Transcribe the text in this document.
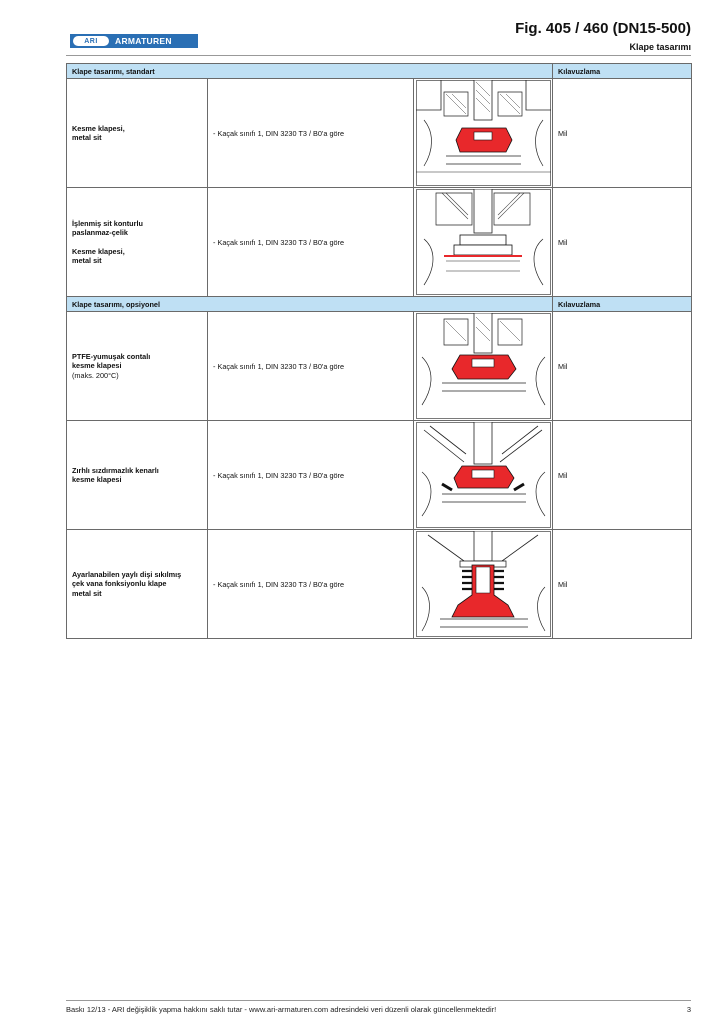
ARI	ARMATUREN
Fig. 405 / 460 (DN15-500)
Klape tasarımı
Klape tasarımı, standart			Kılavuzlama

Kesme klapesi,
metal sit	- Kaçak sınıfı 1, DIN 3230 T3 / B0'a göre		Mil

İşlenmiş sit konturlu
paslanmaz-çelik
Kesme klapesi,
metal sit	- Kaçak sınıfı 1, DIN 3230 T3 / B0'a göre		Mil
Klape tasarımı, opsiyonel			Kılavuzlama

PTFE-yumuşak contalı
kesme klapesi
(maks. 200°C)	- Kaçak sınıfı 1, DIN 3230 T3 / B0'a göre		Mil

Zırhlı sızdırmazlık kenarlı
kesme klapesi	- Kaçak sınıfı 1, DIN 3230 T3 / B0'a göre		Mil

Ayarlanabilen yaylı dişi sıkılmış
çek vana fonksiyonlu klape
metal sit	- Kaçak sınıfı 1, DIN 3230 T3 / B0'a göre		Mil
Baskı 12/13 - ARI değişiklik yapma hakkını saklı tutar - www.ari-armaturen.com adresindeki veri düzenli olarak güncellenmektedir!	3
